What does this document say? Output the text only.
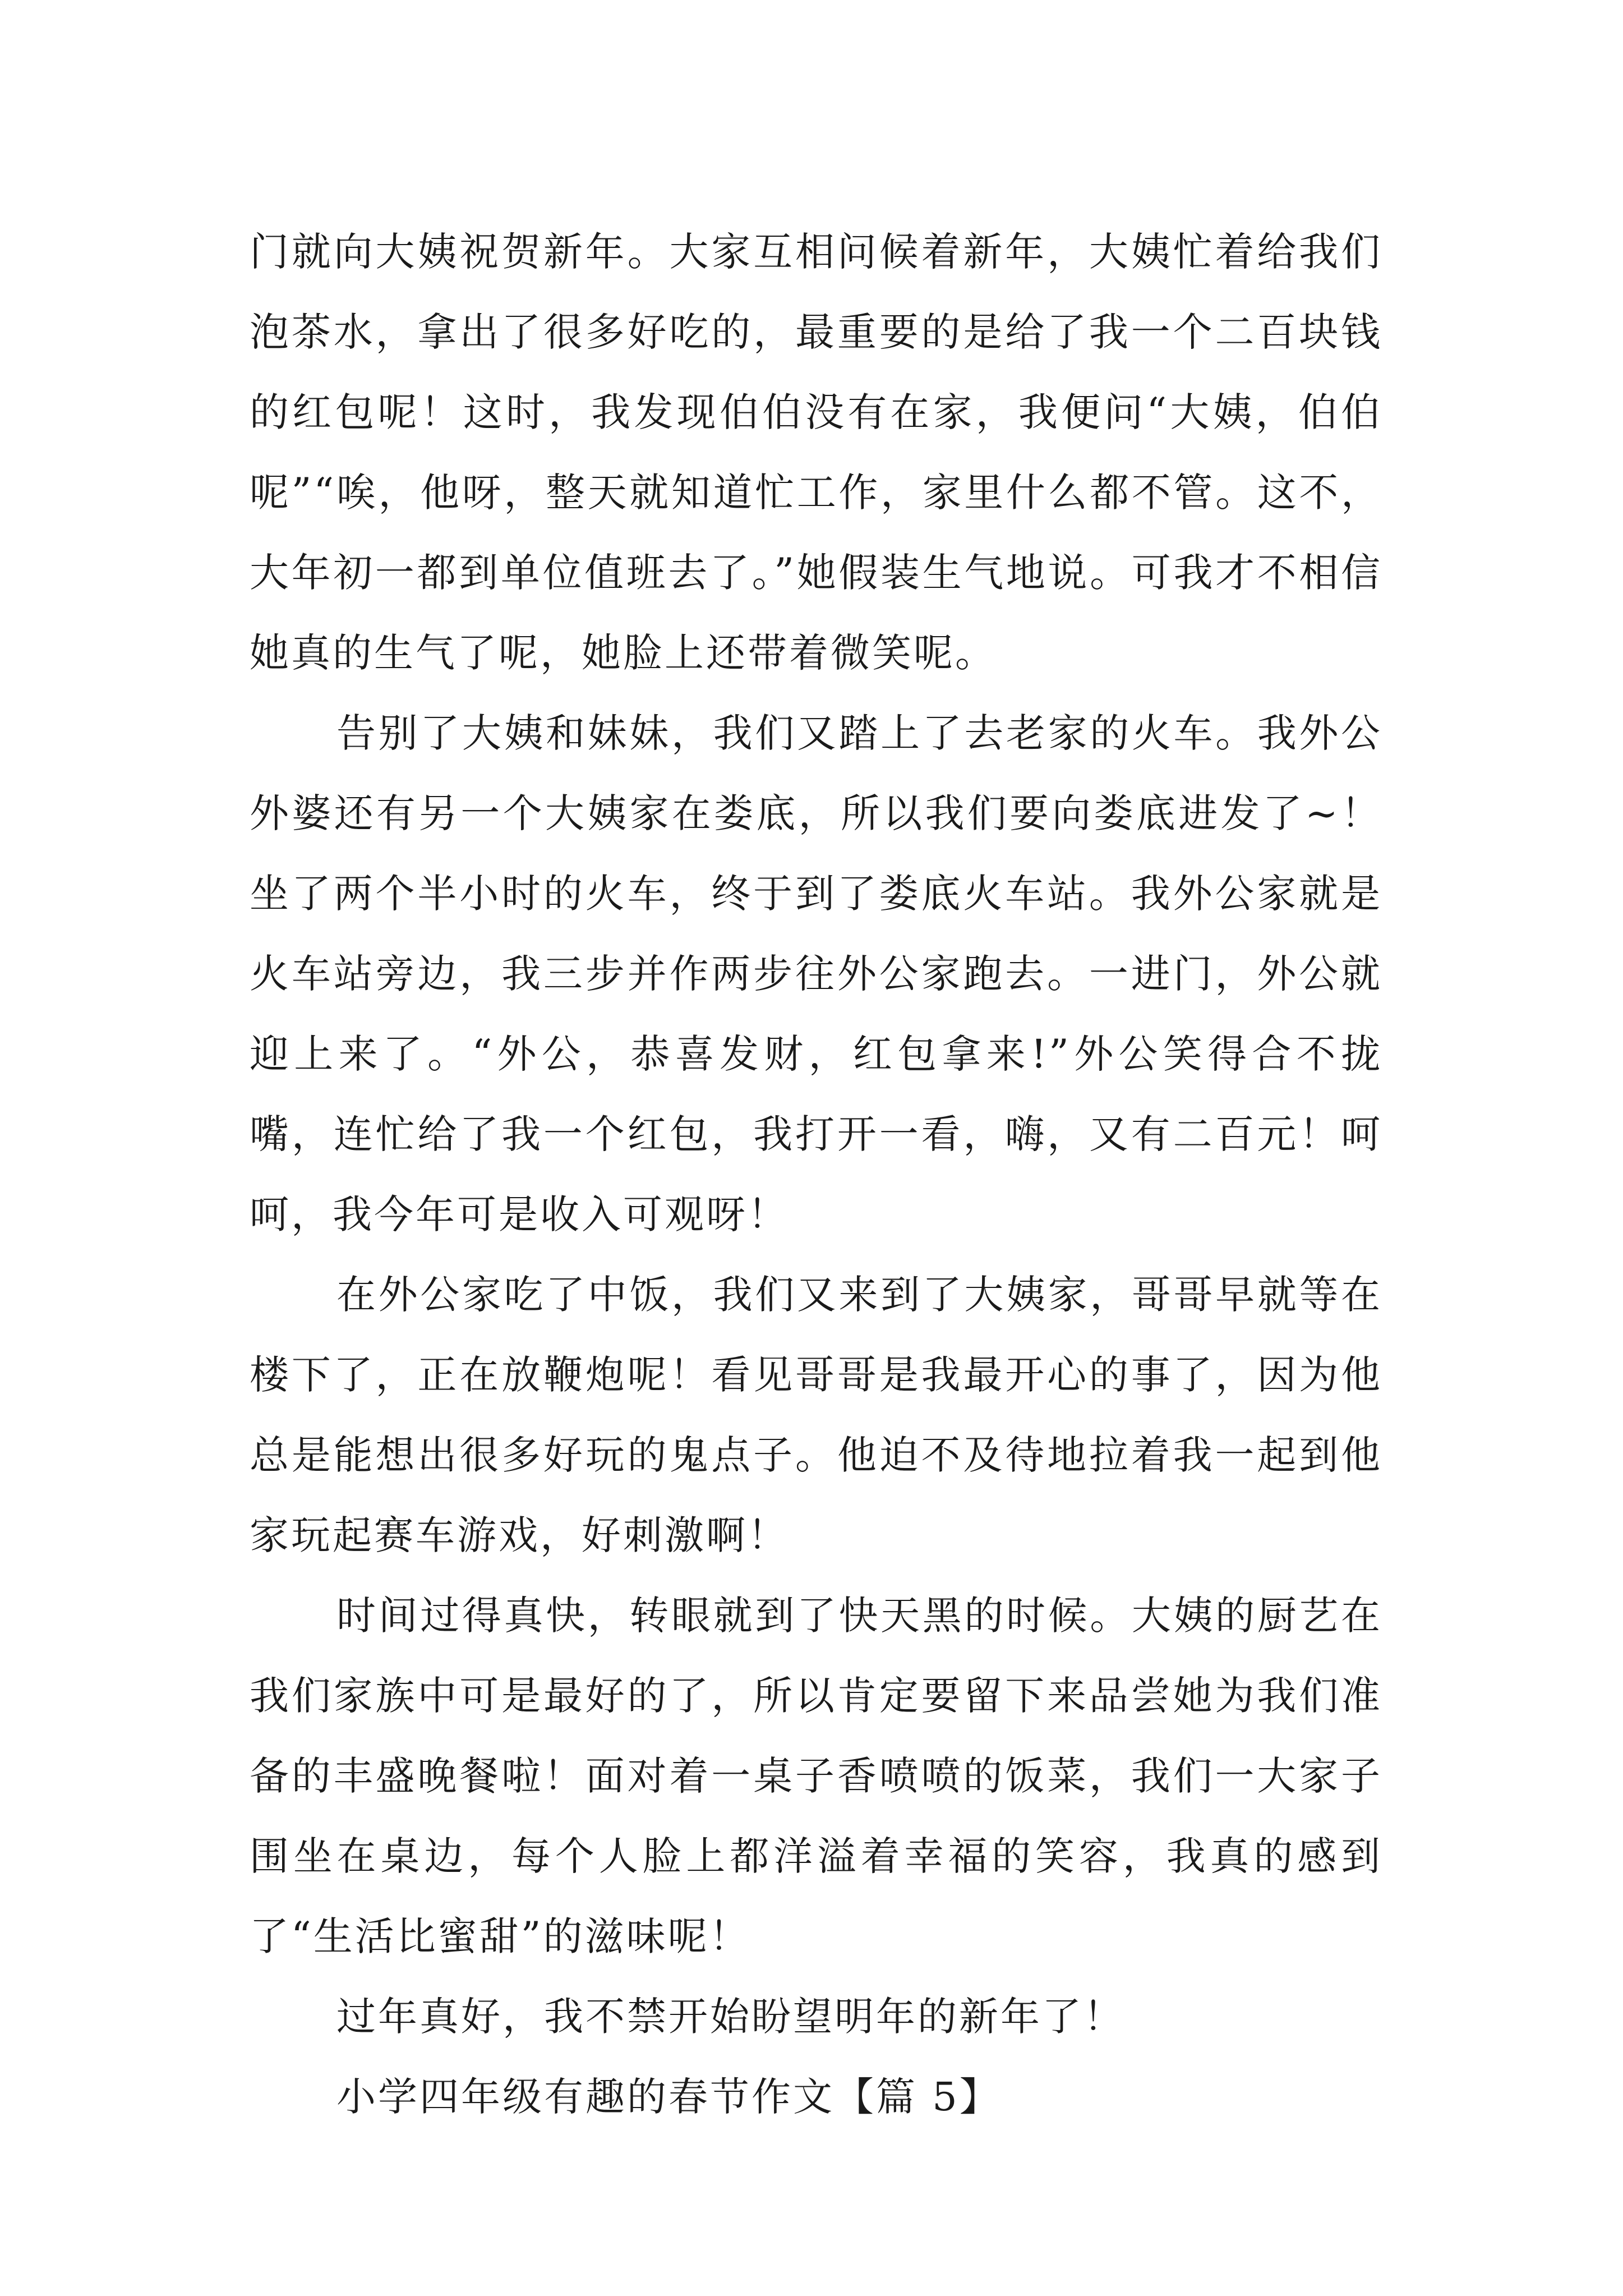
门就向大姨祝贺新年。大家互相问候着新年，大姨忙着给我们泡茶水，拿出了很多好吃的，最重要的是给了我一个二百块钱的红包呢！这时，我发现伯伯没有在家，我便问“大姨，伯伯呢”“唉，他呀，整天就知道忙工作，家里什么都不管。这不，大年初一都到单位值班去了。”她假装生气地说。可我才不相信她真的生气了呢，她脸上还带着微笑呢。

告别了大姨和妹妹，我们又踏上了去老家的火车。我外公外婆还有另一个大姨家在娄底，所以我们要向娄底进发了~！坐了两个半小时的火车，终于到了娄底火车站。我外公家就是火车站旁边，我三步并作两步往外公家跑去。一进门，外公就迎上来了。“外公，恭喜发财，红包拿来!”外公笑得合不拢嘴，连忙给了我一个红包，我打开一看，嗨，又有二百元！呵呵，我今年可是收入可观呀！

在外公家吃了中饭，我们又来到了大姨家，哥哥早就等在楼下了，正在放鞭炮呢！看见哥哥是我最开心的事了，因为他总是能想出很多好玩的鬼点子。他迫不及待地拉着我一起到他家玩起赛车游戏，好刺激啊！

时间过得真快，转眼就到了快天黑的时候。大姨的厨艺在我们家族中可是最好的了，所以肯定要留下来品尝她为我们准备的丰盛晚餐啦！面对着一桌子香喷喷的饭菜，我们一大家子围坐在桌边，每个人脸上都洋溢着幸福的笑容，我真的感到了“生活比蜜甜”的滋味呢！

过年真好，我不禁开始盼望明年的新年了！

小学四年级有趣的春节作文【篇 5】
